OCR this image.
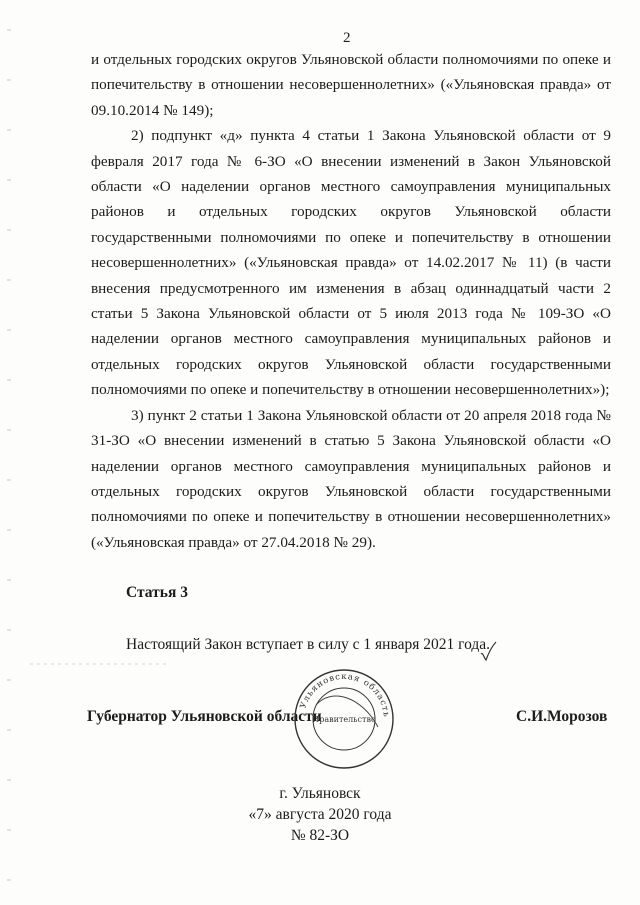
2

и отдельных городских округов Ульяновской области полномочиями по опеке и попечительству в отношении несовершеннолетних» («Ульяновская правда» от 09.10.2014 № 149);

2) подпункт «д» пункта 4 статьи 1 Закона Ульяновской области от 9 февраля 2017 года № 6-ЗО «О внесении изменений в Закон Ульяновской области «О наделении органов местного самоуправления муниципальных районов и отдельных городских округов Ульяновской области государственными полномочиями по опеке и попечительству в отношении несовершеннолетних» («Ульяновская правда» от 14.02.2017 № 11) (в части внесения предусмотренного им изменения в абзац одиннадцатый части 2 статьи 5 Закона Ульяновской области от 5 июля 2013 года № 109-ЗО «О наделении органов местного самоуправления муниципальных районов и отдельных городских округов Ульяновской области государственными полномочиями по опеке и попечительству в отношении несовершеннолетних»);

3) пункт 2 статьи 1 Закона Ульяновской области от 20 апреля 2018 года № 31-ЗО «О внесении изменений в статью 5 Закона Ульяновской области «О наделении органов местного самоуправления муниципальных районов и отдельных городских округов Ульяновской области государственными полномочиями по опеке и попечительству в отношении несовершеннолетних» («Ульяновская правда» от 27.04.2018 № 29).

Статья 3
Настоящий Закон вступает в силу с 1 января 2021 года.
Губернатор Ульяновской области	С.И.Морозов
Ульяновская область
Правительство
г. Ульяновск
«7» августа 2020 года
№ 82-ЗО
